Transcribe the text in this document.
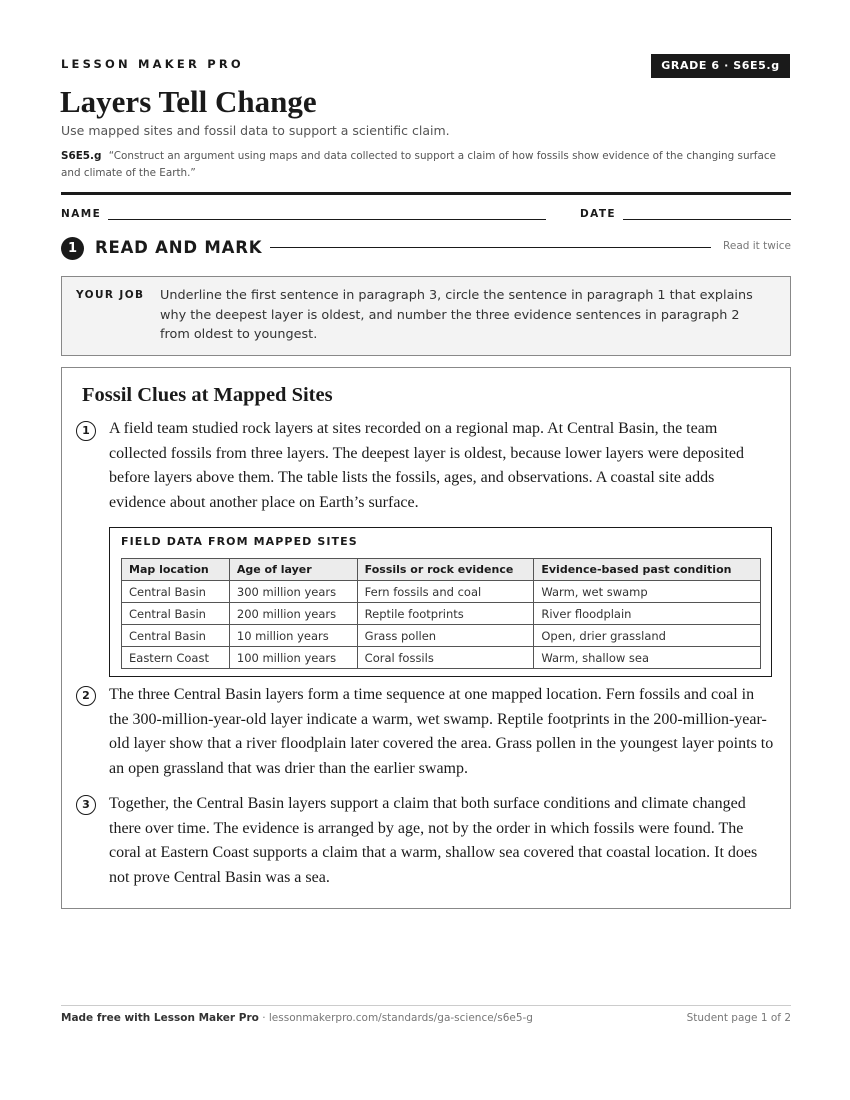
LESSON MAKER PRO	GRADE 6 · S6E5.g
Layers Tell Change
Use mapped sites and fossil data to support a scientific claim.
S6E5.g “Construct an argument using maps and data collected to support a claim of how fossils show evidence of the changing surface and climate of the Earth.”
NAME	DATE
1	READ AND MARK	Read it twice
YOUR JOB Underline the first sentence in paragraph 3, circle the sentence in paragraph 1 that explains why the deepest layer is oldest, and number the three evidence sentences in paragraph 2 from oldest to youngest.
Fossil Clues at Mapped Sites
1	A field team studied rock layers at sites recorded on a regional map. At Central Basin, the team collected fossils from three layers. The deepest layer is oldest, because lower layers were deposited before layers above them. The table lists the fossils, ages, and observations. A coastal site adds evidence about another place on Earth’s surface.

FIELD DATA FROM MAPPED SITES
Map location	Age of layer	Fossils or rock evidence	Evidence-based past condition
Central Basin	300 million years	Fern fossils and coal	Warm, wet swamp
Central Basin	200 million years	Reptile footprints	River floodplain
Central Basin	10 million years	Grass pollen	Open, drier grassland
Eastern Coast	100 million years	Coral fossils	Warm, shallow sea
2	The three Central Basin layers form a time sequence at one mapped location. Fern fossils and coal in the 300-million-year-old layer indicate a warm, wet swamp. Reptile footprints in the 200-million-year-old layer show that a river floodplain later covered the area. Grass pollen in the youngest layer points to an open grassland that was drier than the earlier swamp.

3	Together, the Central Basin layers support a claim that both surface conditions and climate changed there over time. The evidence is arranged by age, not by the order in which fossils were found. The coral at Eastern Coast supports a claim that a warm, shallow sea covered that coastal location. It does not prove Central Basin was a sea.

Made free with Lesson Maker Pro · lessonmakerpro.com/standards/ga-science/s6e5-g	Student page 1 of 2
